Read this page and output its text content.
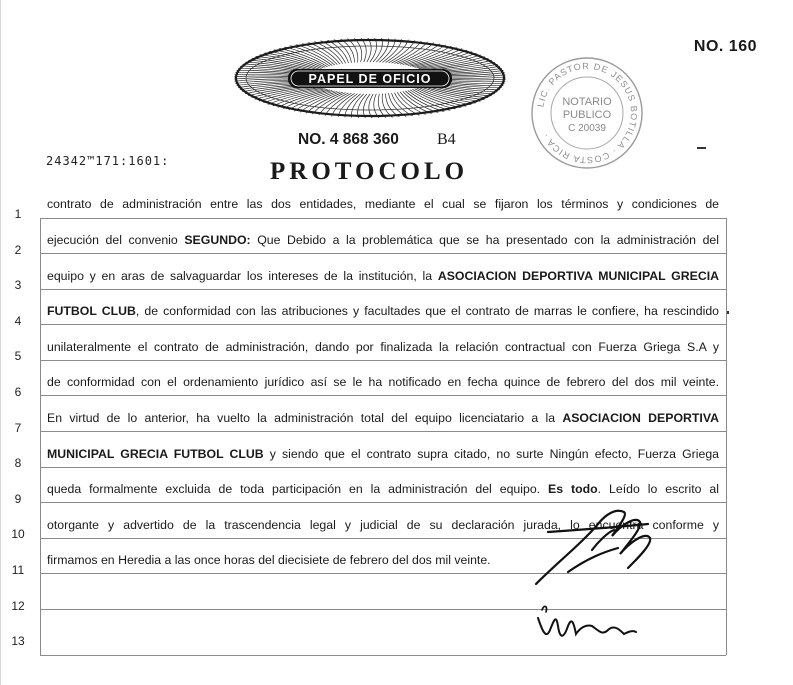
NO. 160
PAPEL DE OFICIO
LIC. PASTOR DE JESUS BOTILLA · COSTA RICA ·
NOTARIO
PUBLICO
C 20039
NO. 4 868 360 B4
24342™171:1601:	PROTOCOLO
1
2
3
4
5
6
7
8
9
10
11
12
13
contrato de administración entre las dos entidades, mediante el cual se fijaron los términos y condiciones de
ejecución del convenio SEGUNDO: Que Debido a la problemática que se ha presentado con la administración del
equipo y en aras de salvaguardar los intereses de la institución, la ASOCIACION DEPORTIVA MUNICIPAL GRECIA
FUTBOL CLUB, de conformidad con las atribuciones y facultades que el contrato de marras le confiere, ha rescindido
unilateralmente el contrato de administración, dando por finalizada la relación contractual con Fuerza Griega S.A y
de conformidad con el ordenamiento jurídico así se le ha notificado en fecha quince de febrero del dos mil veinte.
En virtud de lo anterior, ha vuelto la administración total del equipo licenciatario a la ASOCIACION DEPORTIVA
MUNICIPAL GRECIA FUTBOL CLUB y siendo que el contrato supra citado, no surte Ningún efecto, Fuerza Griega
queda formalmente excluida de toda participación en la administración del equipo. Es todo. Leído lo escrito al
otorgante y advertido de la trascendencia legal y judicial de su declaración jurada, lo encuentra conforme y
firmamos en Heredia a las once horas del diecisiete de febrero del dos mil veinte.
